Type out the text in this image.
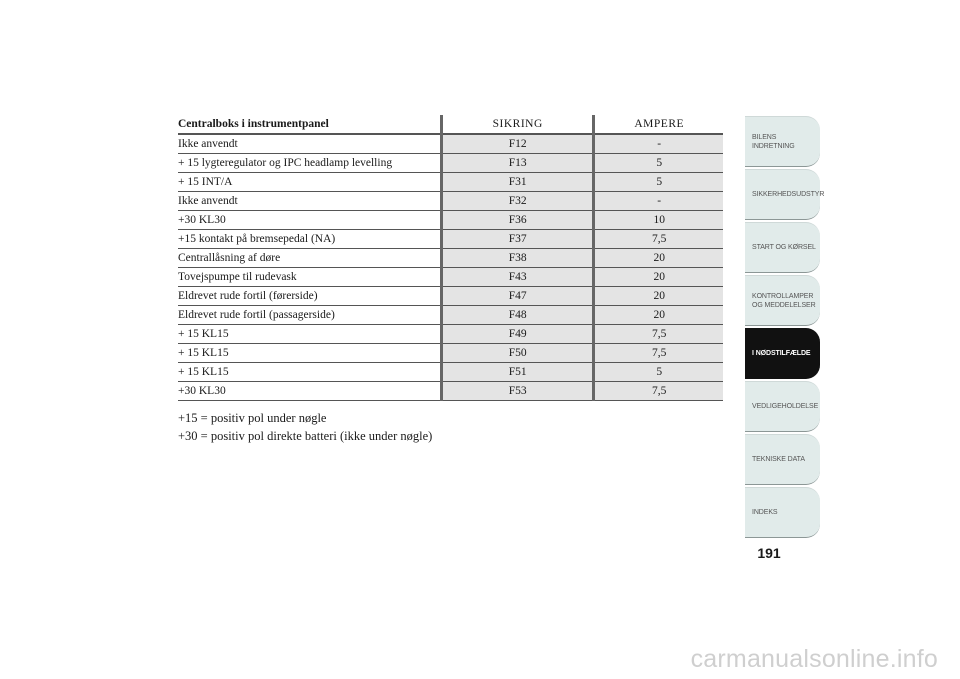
Centralboks i instrumentpanel	SIKRING	AMPERE
Ikke anvendt	F12	-
+ 15 lygteregulator og IPC headlamp levelling	F13	5
+ 15 INT/A	F31	5
Ikke anvendt	F32	-
+30 KL30	F36	10
+15 kontakt på bremsepedal (NA)	F37	7,5
Centrallåsning af døre	F38	20
Tovejspumpe til rudevask	F43	20
Eldrevet rude fortil (førerside)	F47	20
Eldrevet rude fortil (passagerside)	F48	20
+ 15 KL15	F49	7,5
+ 15 KL15	F50	7,5
+ 15 KL15	F51	5
+30 KL30	F53	7,5
+15 = positiv pol under nøgle
+30 = positiv pol direkte batteri (ikke under nøgle)
BILENS
INDRETNING
SIKKERHEDSUDSTYR
START OG KØRSEL
KONTROLLAMPER
OG MEDDELELSER
I NØDSTILFÆLDE
VEDLIGEHOLDELSE
TEKNISKE DATA
INDEKS
191
carmanualsonline.info
